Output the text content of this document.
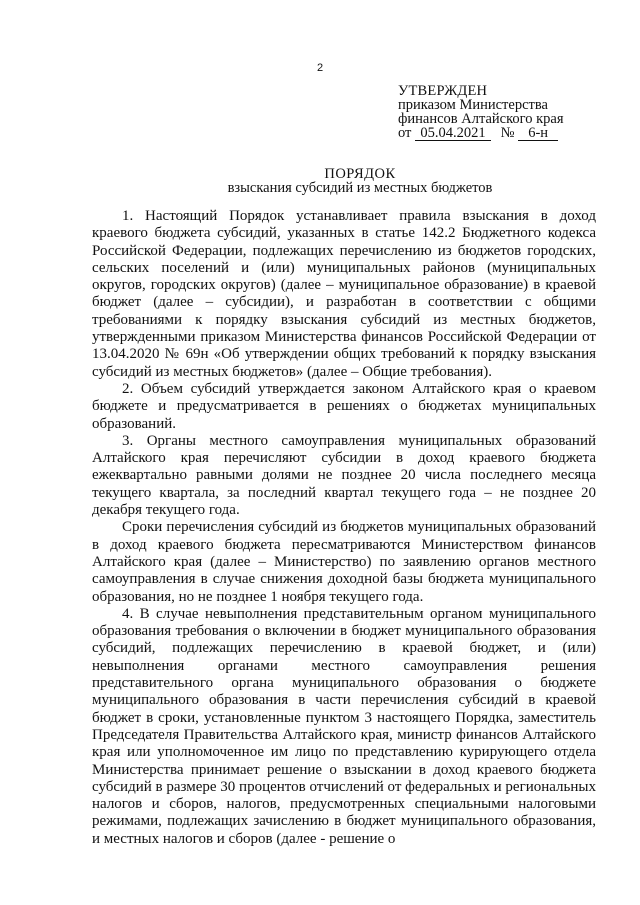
2
УТВЕРЖДЕН
приказом Министерства
финансов Алтайского края
от 05.04.2021 № 6-н
ПОРЯДОК
взыскания субсидий из местных бюджетов

1. Настоящий Порядок устанавливает правила взыскания в доход краевого бюджета субсидий, указанных в статье 142.2 Бюджетного кодекса Российской Федерации, подлежащих перечислению из бюджетов городских, сельских поселений и (или) муниципальных районов (муниципальных округов, городских округов) (далее – муниципальное образование) в краевой бюджет (далее – субсидии), и разработан в соответствии с общими требованиями к порядку взыскания субсидий из местных бюджетов, утвержденными приказом Министерства финансов Российской Федерации от 13.04.2020 № 69н «Об утверждении общих требований к порядку взыскания субсидий из местных бюджетов» (далее – Общие требования).

2. Объем субсидий утверждается законом Алтайского края о краевом бюджете и предусматривается в решениях о бюджетах муниципальных образований.

3. Органы местного самоуправления муниципальных образований Алтайского края перечисляют субсидии в доход краевого бюджета ежеквартально равными долями не позднее 20 числа последнего месяца текущего квартала, за последний квартал текущего года – не позднее 20 декабря текущего года.

Сроки перечисления субсидий из бюджетов муниципальных образований в доход краевого бюджета пересматриваются Министерством финансов Алтайского края (далее – Министерство) по заявлению органов местного самоуправления в случае снижения доходной базы бюджета муниципального образования, но не позднее 1 ноября текущего года.

4. В случае невыполнения представительным органом муниципального образования требования о включении в бюджет муниципального образования субсидий, подлежащих перечислению в краевой бюджет, и (или) невыполнения органами местного самоуправления решения представительного органа муниципального образования о бюджете муниципального образования в части перечисления субсидий в краевой бюджет в сроки, установленные пунктом 3 настоящего Порядка, заместитель Председателя Правительства Алтайского края, министр финансов Алтайского края или уполномоченное им лицо по представлению курирующего отдела Министерства принимает решение о взыскании в доход краевого бюджета субсидий в размере 30 процентов отчислений от федеральных и региональных налогов и сборов, налогов, предусмотренных специальными налоговыми режимами, подлежащих зачислению в бюджет муниципального образования, и местных налогов и сборов (далее - решение о
